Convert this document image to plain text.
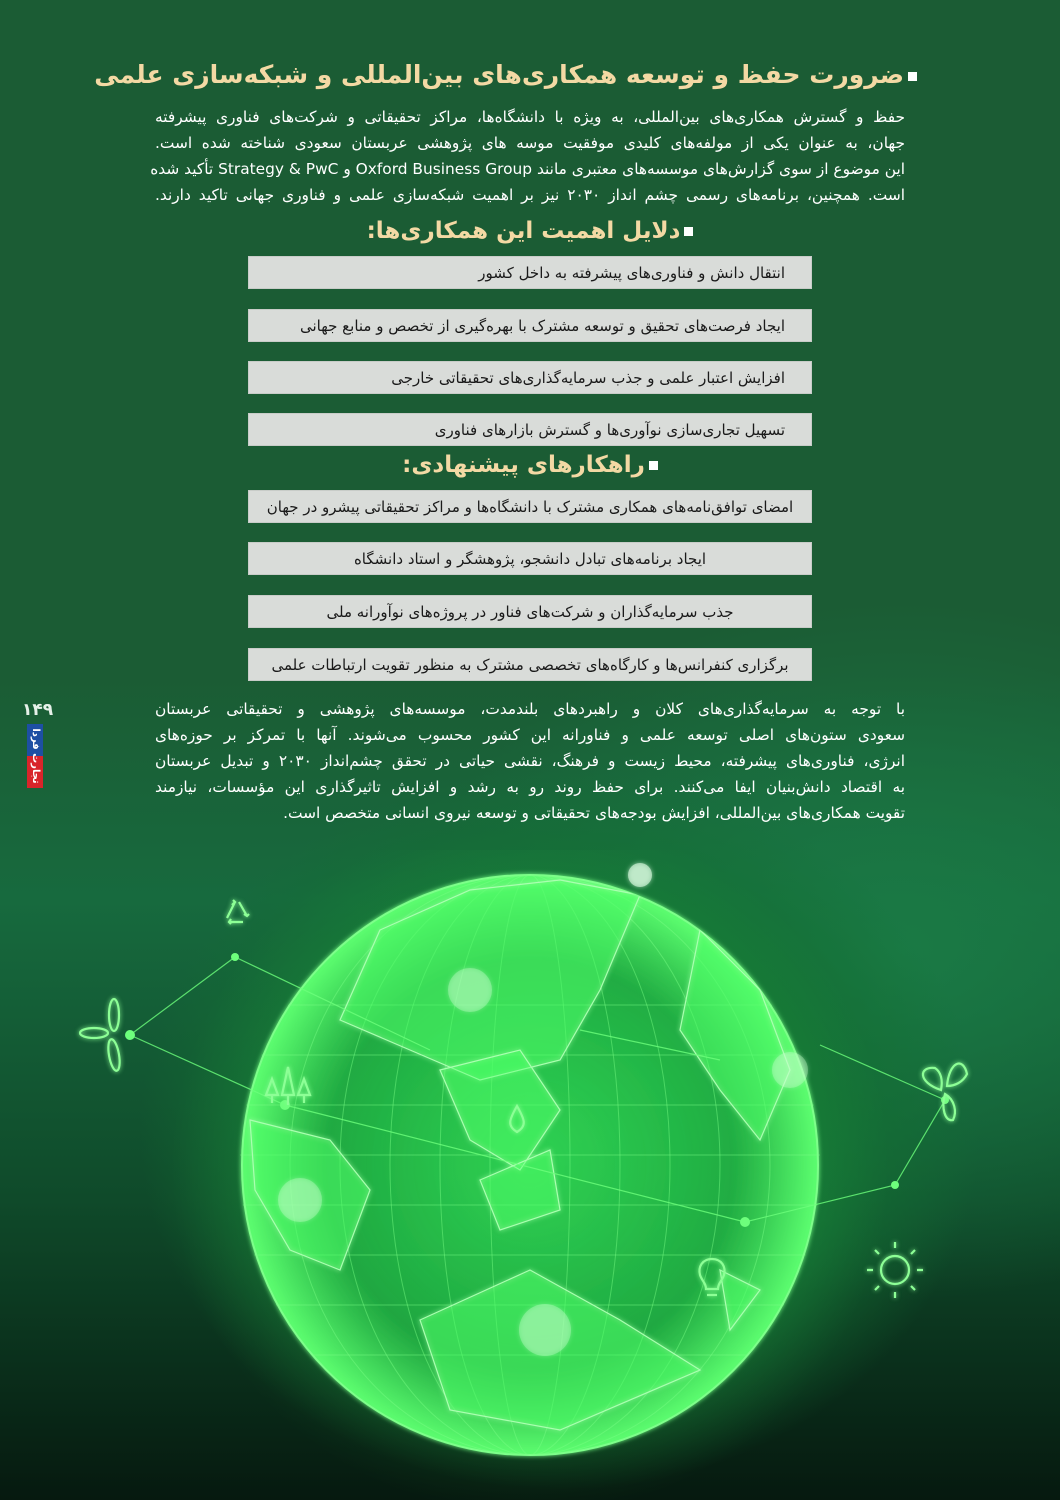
ضرورت حفظ و توسعه همکاری‌های بین‌المللی و شبکه‌سازی علمی
حفظ و گسترش همکاری‌های بین‌المللی، به ویژه با دانشگاه‌ها، مراکز تحقیقاتی و شرکت‌های فناوری پیشرفته
جهان، به عنوان یکی از مولفه‌های کلیدی موفقیت موسه های پژوهشی عربستان سعودی شناخته شده است.
این موضوع از سوی گزارش‌های موسسه‌های معتبری مانند Oxford Business Group و Strategy & PwC تأکید شده
است. همچنین، برنامه‌های رسمی چشم انداز ۲۰۳۰ نیز بر اهمیت شبکه‌سازی علمی و فناوری جهانی تاکید دارند.
دلایل اهمیت این همکاری‌ها:
انتقال دانش و فناوری‌های پیشرفته به داخل کشور
ایجاد فرصت‌های تحقیق و توسعه مشترک با بهره‌گیری از تخصص و منابع جهانی
افزایش اعتبار علمی و جذب سرمایه‌گذاری‌های تحقیقاتی خارجی
تسهیل تجاری‌سازی نوآوری‌ها و گسترش بازارهای فناوری
راهکارهای پیشنهادی:
امضای توافق‌نامه‌های همکاری مشترک با دانشگاه‌ها و مراکز تحقیقاتی پیشرو در جهان
ایجاد برنامه‌های تبادل دانشجو، پژوهشگر و استاد دانشگاه
جذب سرمایه‌گذاران و شرکت‌های فناور در پروژه‌های نوآورانه ملی
برگزاری کنفرانس‌ها و کارگاه‌های تخصصی مشترک به منظور تقویت ارتباطات علمی
۱۴۹
تجارت فردا
با توجه به سرمایه‌گذاری‌های کلان و راهبردهای بلندمدت، موسسه‌های پژوهشی و تحقیقاتی عربستان
سعودی ستون‌های اصلی توسعه علمی و فناورانه این کشور محسوب می‌شوند. آنها با تمرکز بر حوزه‌های
انرژی، فناوری‌های پیشرفته، محیط زیست و فرهنگ، نقشی حیاتی در تحقق چشم‌انداز ۲۰۳۰ و تبدیل عربستان
به اقتصاد دانش‌بنیان ایفا می‌کنند. برای حفظ روند رو به رشد و افزایش تاثیرگذاری این مؤسسات، نیازمند
تقویت همکاری‌های بین‌المللی، افزایش بودجه‌های تحقیقاتی و توسعه نیروی انسانی متخصص است.
